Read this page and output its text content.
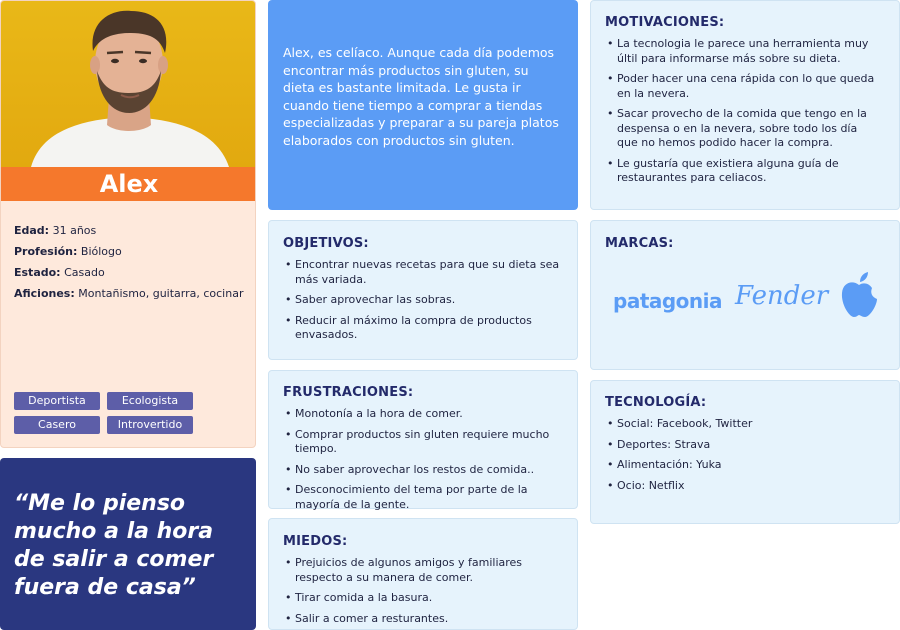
Alex
Edad: 31 años
Profesión: Biólogo
Estado: Casado
Aficiones: Montañismo, guitarra, cocinar
Deportista	Ecologista
Casero	Introvertido
“Me lo pienso mucho a la hora de salir a comer fuera de casa”
Alex, es celíaco. Aunque cada día podemos encontrar más productos sin gluten, su dieta es bastante limitada. Le gusta ir cuando tiene tiempo a comprar a tiendas especializadas y preparar a su pareja platos elaborados con productos sin gluten.
OBJETIVOS:
• Encontrar nuevas recetas para que su dieta sea más variada.
• Saber aprovechar las sobras.
• Reducir al máximo la compra de productos envasados.
FRUSTRACIONES:
• Monotonía a la hora de comer.
• Comprar productos sin gluten requiere mucho tiempo.
• No saber aprovechar los restos de comida..
• Desconocimiento del tema por parte de la mayoría de la gente.
MIEDOS:
• Prejuicios de algunos amigos y familiares respecto a su manera de comer.
• Tirar comida a la basura.
• Salir a comer a resturantes.
MOTIVACIONES:
• La tecnologia le parece una herramienta muy últil para informarse más sobre su dieta.
• Poder hacer una cena rápida con lo que queda en la nevera.
• Sacar provecho de la comida que tengo en la despensa o en la nevera, sobre todo los día que no hemos podido hacer la compra.
• Le gustaría que existiera alguna guía de restaurantes para celiacos.
MARCAS:
patagonia Fender
TECNOLOGÍA:
• Social: Facebook, Twitter
• Deportes: Strava
• Alimentación: Yuka
• Ocio: Netflix
